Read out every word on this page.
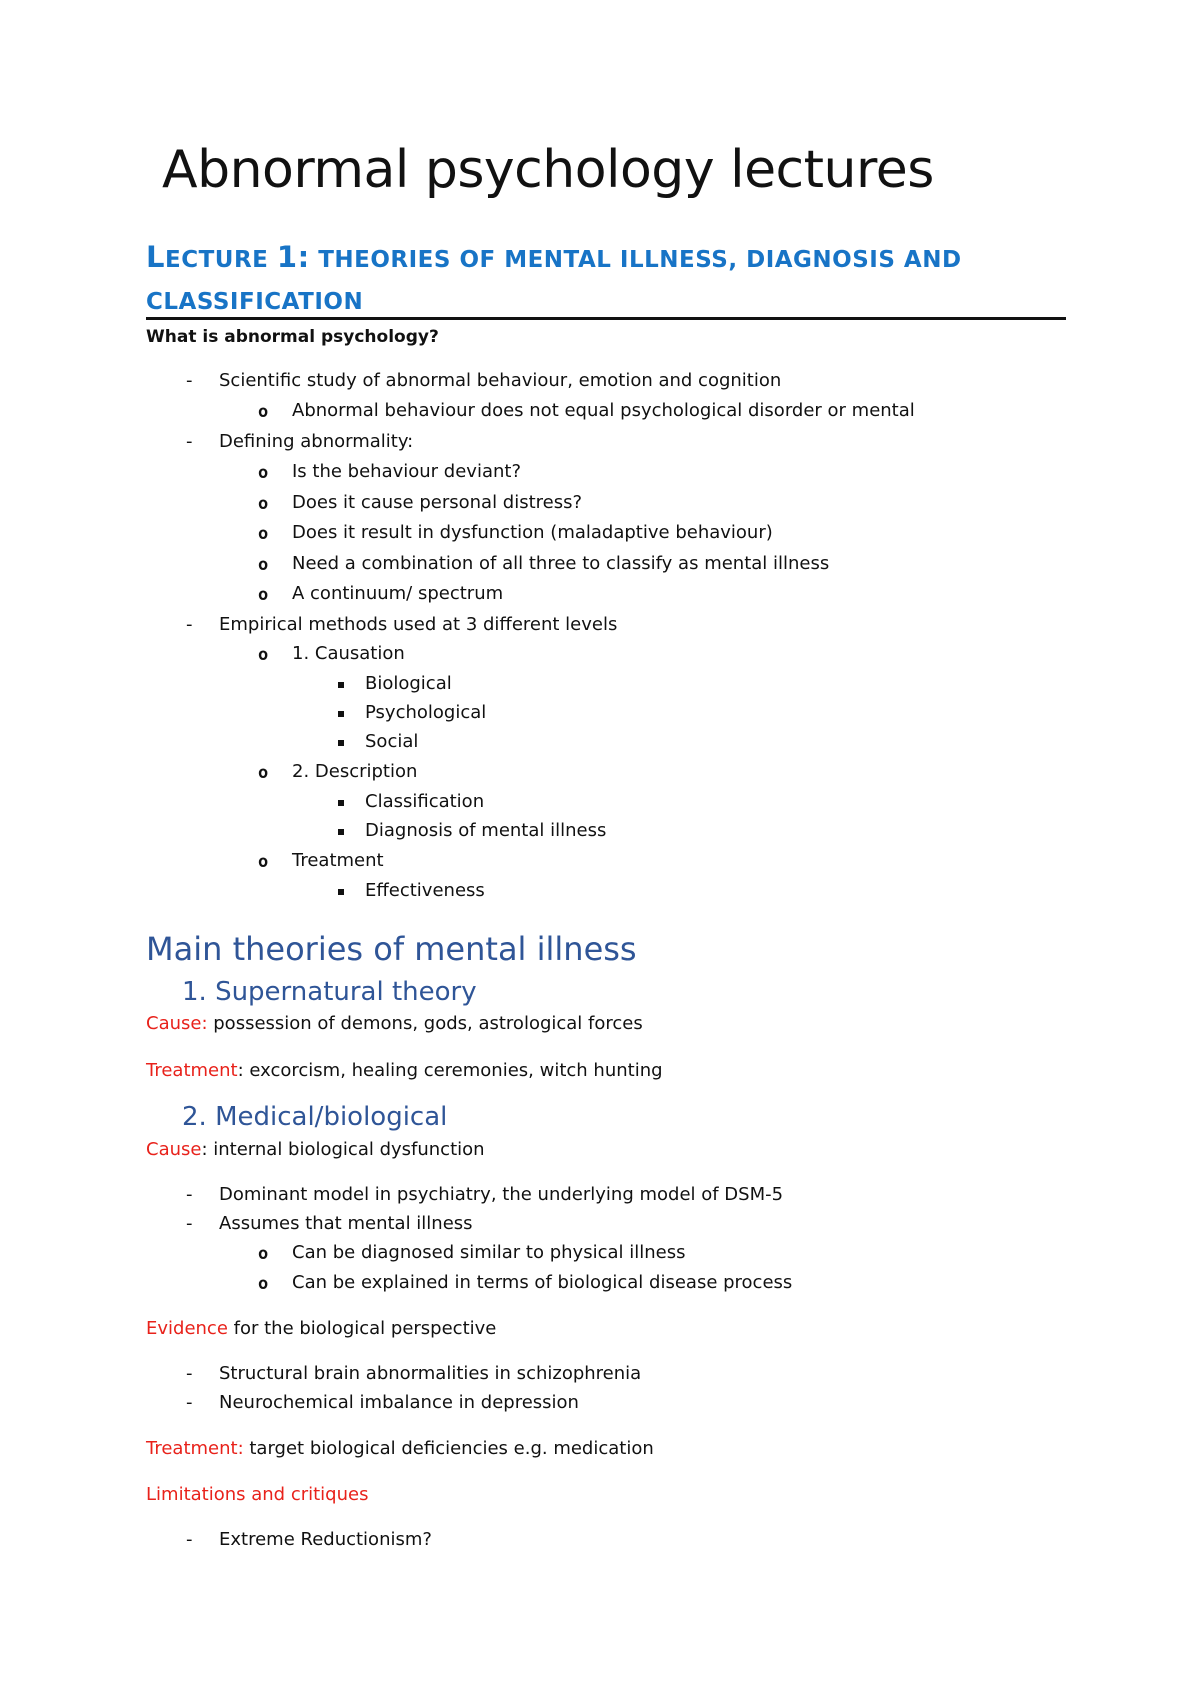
Abnormal psychology lectures
LECTURE 1: THEORIES OF MENTAL ILLNESS, DIAGNOSIS AND
CLASSIFICATION
What is abnormal psychology?
- Scientific study of abnormal behaviour, emotion and cognition
o Abnormal behaviour does not equal psychological disorder or mental
- Defining abnormality:
o Is the behaviour deviant?
o Does it cause personal distress?
o Does it result in dysfunction (maladaptive behaviour)
o Need a combination of all three to classify as mental illness
o A continuum/ spectrum
- Empirical methods used at 3 different levels
o 1. Causation
Biological
Psychological
Social
o 2. Description
Classification
Diagnosis of mental illness
o Treatment
Effectiveness
Main theories of mental illness
1. Supernatural theory
Cause: possession of demons, gods, astrological forces
Treatment: excorcism, healing ceremonies, witch hunting
2. Medical/biological
Cause: internal biological dysfunction
- Dominant model in psychiatry, the underlying model of DSM-5
- Assumes that mental illness
o Can be diagnosed similar to physical illness
o Can be explained in terms of biological disease process
Evidence for the biological perspective
- Structural brain abnormalities in schizophrenia
- Neurochemical imbalance in depression
Treatment: target biological deficiencies e.g. medication
Limitations and critiques
- Extreme Reductionism?
